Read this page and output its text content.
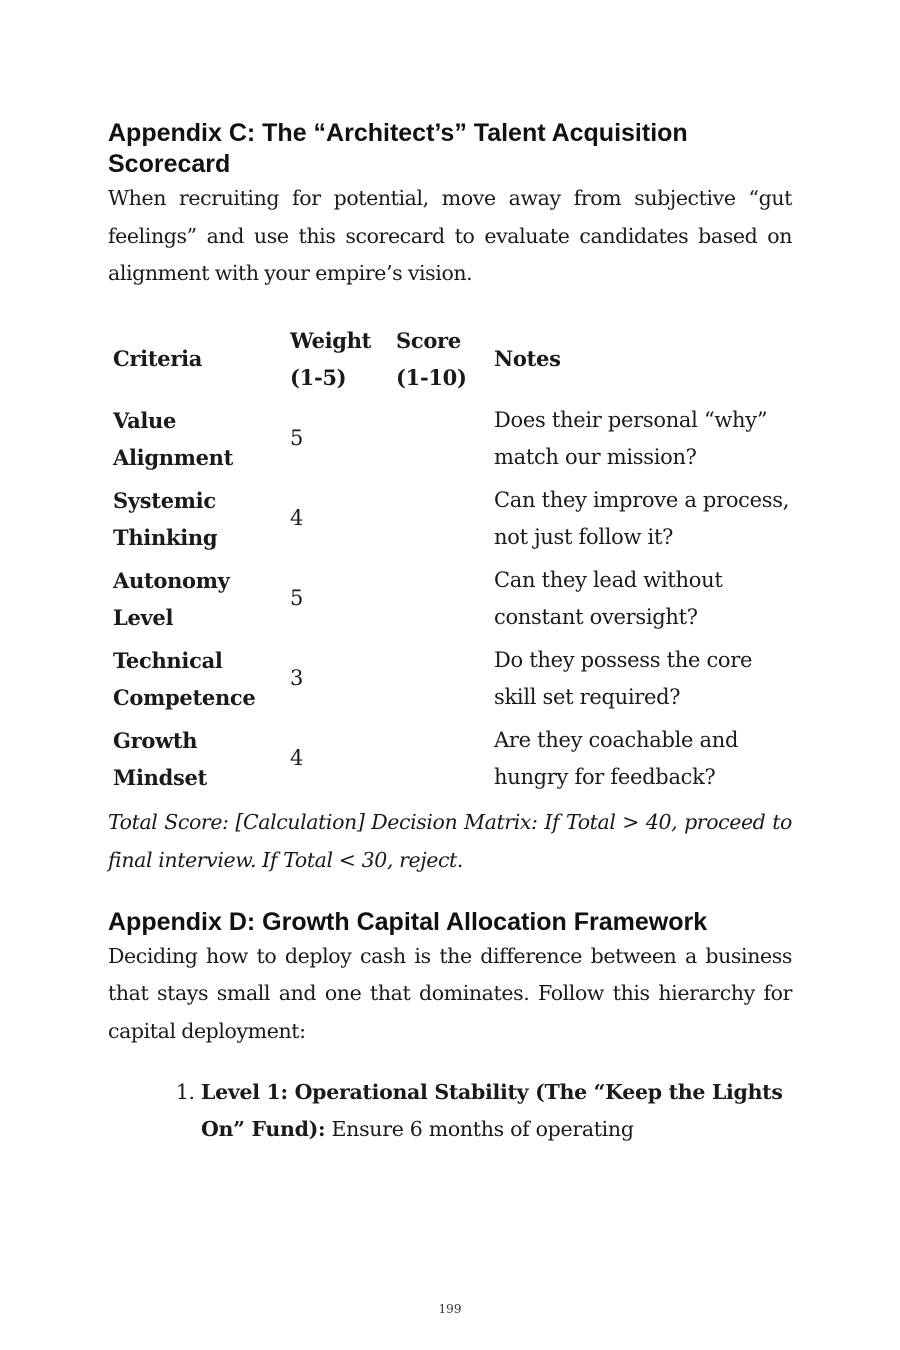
Appendix C: The “Architect’s” Talent Acquisition Scorecard

When recruiting for potential, move away from subjective “gut feelings” and use this scorecard to evaluate candidates based on alignment with your empire’s vision.

Criteria	Weight (1-5)	Score (1-10)	Notes
Value Alignment	5		Does their personal “why” match our mission?
Systemic Thinking	4		Can they improve a process, not just follow it?
Autonomy Level	5		Can they lead without constant oversight?
Technical Competence	3		Do they possess the core skill set required?
Growth Mindset	4		Are they coachable and hungry for feedback?

Total Score: [Calculation] Decision Matrix: If Total > 40, proceed to final interview. If Total < 30, reject.

Appendix D: Growth Capital Allocation Framework

Deciding how to deploy cash is the difference between a business that stays small and one that dominates. Follow this hierarchy for capital deployment:

1. Level 1: Operational Stability (The “Keep the Lights On” Fund): Ensure 6 months of operating
199
